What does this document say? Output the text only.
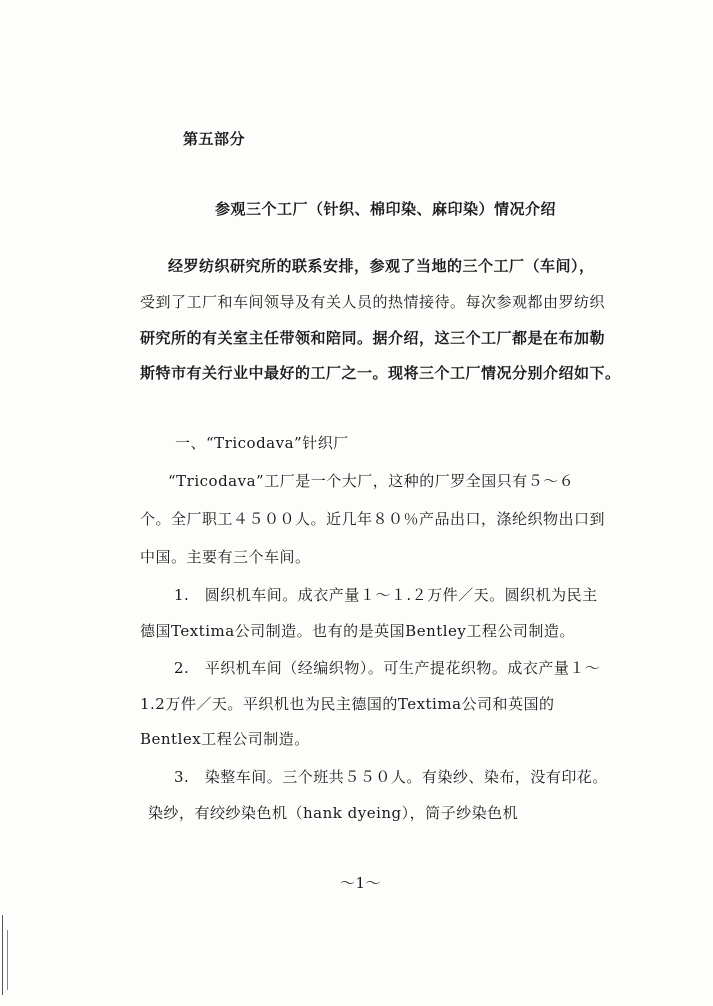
第五部分
参观三个工厂（针织、棉印染、麻印染）情况介绍
经罗纺织研究所的联系安排，参观了当地的三个工厂（车间），
受到了工厂和车间领导及有关人员的热情接待。每次参观都由罗纺织
研究所的有关室主任带领和陪同。据介绍，这三个工厂都是在布加勒
斯特市有关行业中最好的工厂之一。现将三个工厂情况分别介绍如下。
一、“Tricodava”针织厂
“Tricodava”工厂是一个大厂，这种的厂罗全国只有５～６
个。全厂职工４５００人。近几年８０％产品出口，涤纶织物出口到
中国。主要有三个车间。
1.　圆织机车间。成衣产量１～１.２万件／天。圆织机为民主
德国Textima公司制造。也有的是英国Bentley工程公司制造。
2.　平织机车间（经编织物）。可生产提花织物。成衣产量１～
1.2万件／天。平织机也为民主德国的Textima公司和英国的
Bentlex工程公司制造。
3.　染整车间。三个班共５５０人。有染纱、染布，没有印花。
染纱，有绞纱染色机（hank dyeing），筒子纱染色机
～1～
